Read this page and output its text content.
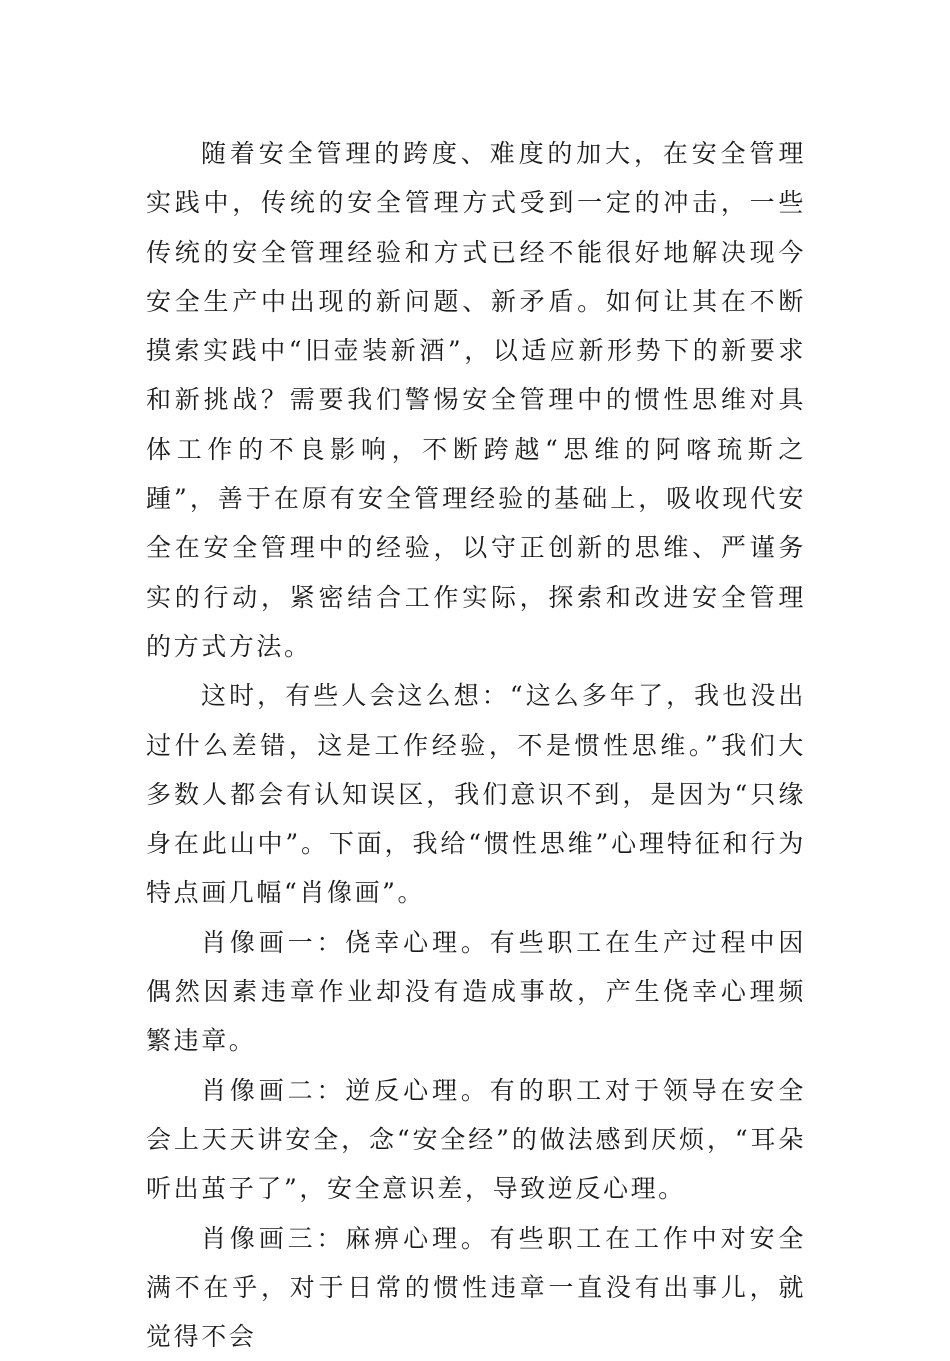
随着安全管理的跨度、难度的加大，在安全管理实践中，传统的安全管理方式受到一定的冲击，一些传统的安全管理经验和方式已经不能很好地解决现今安全生产中出现的新问题、新矛盾。如何让其在不断摸索实践中“旧壶装新酒”，以适应新形势下的新要求和新挑战？需要我们警惕安全管理中的惯性思维对具体工作的不良影响，不断跨越“思维的阿喀琉斯之踵”，善于在原有安全管理经验的基础上，吸收现代安全在安全管理中的经验，以守正创新的思维、严谨务实的行动，紧密结合工作实际，探索和改进安全管理的方式方法。

这时，有些人会这么想：“这么多年了，我也没出过什么差错，这是工作经验，不是惯性思维。”我们大多数人都会有认知误区，我们意识不到，是因为“只缘身在此山中”。下面，我给“惯性思维”心理特征和行为特点画几幅“肖像画”。

肖像画一：侥幸心理。有些职工在生产过程中因偶然因素违章作业却没有造成事故，产生侥幸心理频繁违章。

肖像画二：逆反心理。有的职工对于领导在安全会上天天讲安全，念“安全经”的做法感到厌烦，“耳朵听出茧子了”，安全意识差，导致逆反心理。

肖像画三：麻痹心理。有些职工在工作中对安全满不在乎，对于日常的惯性违章一直没有出事儿，就觉得不会
